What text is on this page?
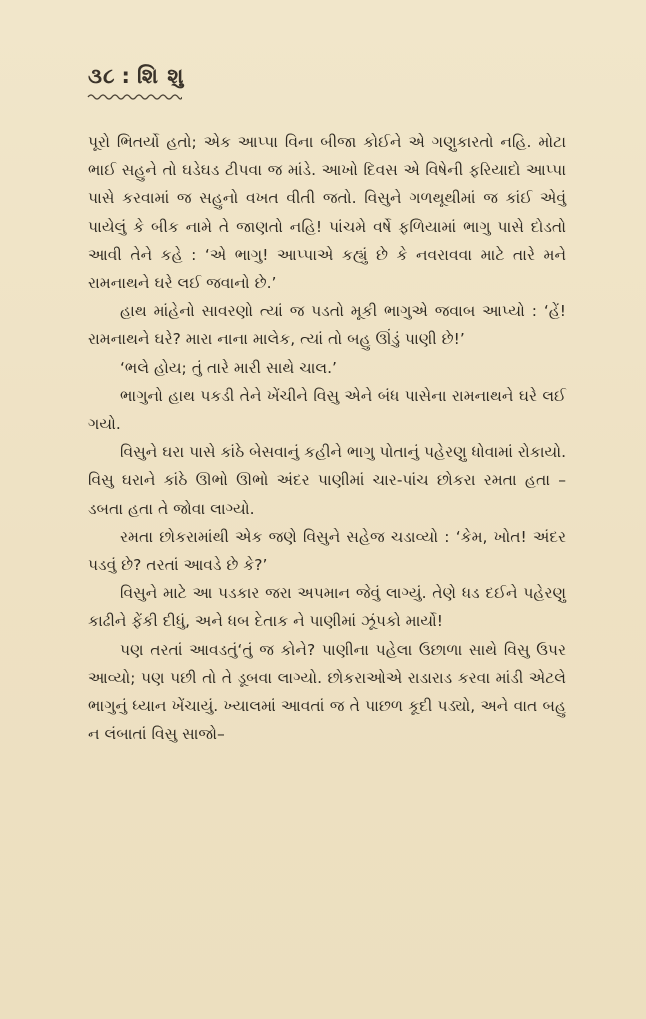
૩૮ : શિ શુ

પૂરો ભિતર્યો હતો; એક આપ્પા વિના બીજા કોઈને એ ગણુકારતો નહિ. મોટા ભાઈ સહુને તો ઘડેઘડ ટીપવા જ માંડે. આખો દિવસ એ વિષેની ફરિયાદો આપ્પા પાસે કરવામાં જ સહુનો વખત વીતી જતો. વિસુને ગળથૂથીમાં જ કાંઈ એવું પાયેલું કે બીક નામે તે જાણતો નહિ! પાંચમે વર્ષે ફળિયામાં ભાગુ પાસે દોડતો આવી તેને કહે : ‘એ ભાગુ! આપ્પાએ કહ્યું છે કે નવરાવવા માટે તારે મને રામનાથને ઘરે લઈ જવાનો છે.’

હાથ માંહેનો સાવરણો ત્યાં જ પડતો મૂકી ભાગુએ જવાબ આપ્યો : ‘હેં! રામનાથને ઘરે? મારા નાના માલેક, ત્યાં તો બહુ ઊંડું પાણી છે!’

‘ભલે હોય; તું તારે મારી સાથે ચાલ.’

ભાગુનો હાથ પકડી તેને ખેંચીને વિસુ એને બંધ પાસેના રામનાથને ઘરે લઈ ગયો.

વિસુને ઘરા પાસે કાંઠે બેસવાનું કહીને ભાગુ પોતાનું પહેરણુ ધોવામાં રોકાયો. વિસુ ઘરાને કાંઠે ઊભો ઊભો અંદર પાણીમાં ચાર-પાંચ છોકરા રમતા હતા – ડબતા હતા તે જોવા લાગ્યો.

રમતા છોકરામાંથી એક જણે વિસુને સહેજ ચડાવ્યો : ‘કેમ, ખોત! અંદર પડવું છે? તરતાં આવડે છે કે?’

વિસુને માટે આ પડકાર જરા અપમાન જેવું લાગ્યું. તેણે ધડ દઈને પહેરણુ કાઢીને ફેંકી દીધું, અને ધબ દેતાક ને પાણીમાં ઝૂંપકો માર્યો!

પણ તરતાં આવડતું‘તું જ કોને? પાણીના પહેલા ઉછાળા સાથે વિસુ ઉપર આવ્યો; પણ પછી તો તે ડૂબવા લાગ્યો. છોકરાઓએ રાડારાડ કરવા માંડી એટલે ભાગુનું ધ્યાન ખેંચાયું. ખ્યાલમાં આવતાં જ તે પાછળ કૂદી પડ્યો, અને વાત બહુ ન લંબાતાં વિસુ સાજો–
